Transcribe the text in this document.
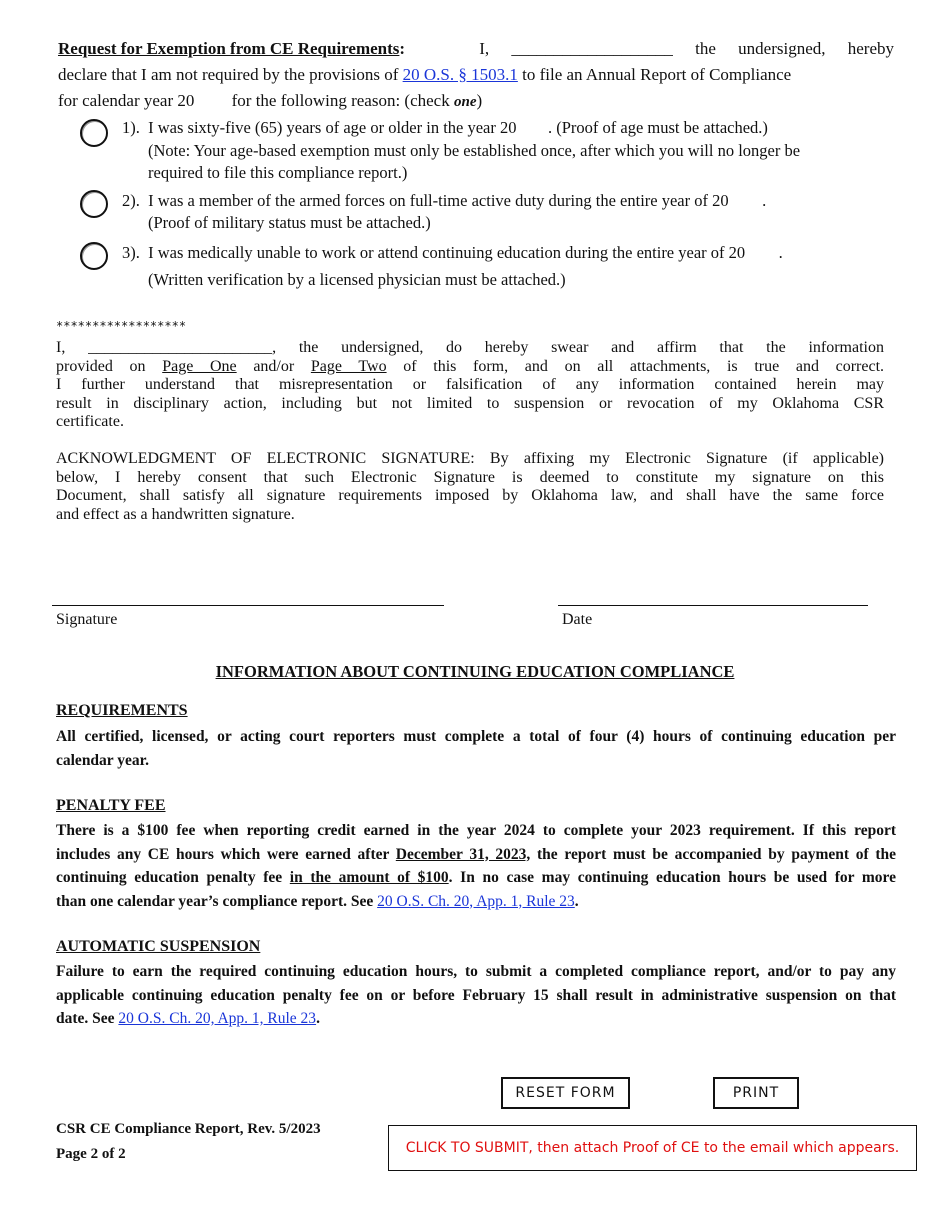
Request for Exemption from CE Requirements:	I, ___________________ the undersigned, hereby
declare that I am not required by the provisions of 20 O.S. § 1503.1 to file an Annual Report of Compliance
for calendar year 20 for the following reason: (check one)
1). I was sixty-five (65) years of age or older in the year 20 . (Proof of age must be attached.)
(Note: Your age-based exemption must only be established once, after which you will no longer be
required to file this compliance report.)
2). I was a member of the armed forces on full-time active duty during the entire year of 20 .
(Proof of military status must be attached.)
3). I was medically unable to work or attend continuing education during the entire year of 20 .
(Written verification by a licensed physician must be attached.)
******************
I, _______________________, the undersigned, do hereby swear and affirm that the information
provided on Page One and/or Page Two of this form, and on all attachments, is true and correct.
I further understand that misrepresentation or falsification of any information contained herein may
result in disciplinary action, including but not limited to suspension or revocation of my Oklahoma CSR
certificate.
ACKNOWLEDGMENT OF ELECTRONIC SIGNATURE: By affixing my Electronic Signature (if applicable)
below, I hereby consent that such Electronic Signature is deemed to constitute my signature on this
Document, shall satisfy all signature requirements imposed by Oklahoma law, and shall have the same force
and effect as a handwritten signature.
Signature	Date
INFORMATION ABOUT CONTINUING EDUCATION COMPLIANCE
REQUIREMENTS
All certified, licensed, or acting court reporters must complete a total of four (4) hours of continuing education per
calendar year.
PENALTY FEE
There is a $100 fee when reporting credit earned in the year 2024 to complete your 2023 requirement. If this report
includes any CE hours which were earned after December 31, 2023, the report must be accompanied by payment of the
continuing education penalty fee in the amount of $100. In no case may continuing education hours be used for more
than one calendar year’s compliance report. See 20 O.S. Ch. 20, App. 1, Rule 23.
AUTOMATIC SUSPENSION
Failure to earn the required continuing education hours, to submit a completed compliance report, and/or to pay any
applicable continuing education penalty fee on or before February 15 shall result in administrative suspension on that
date. See 20 O.S. Ch. 20, App. 1, Rule 23.
RESET FORM	PRINT
CSR CE Compliance Report, Rev. 5/2023
Page 2 of 2	CLICK TO SUBMIT, then attach Proof of CE to the email which appears.
